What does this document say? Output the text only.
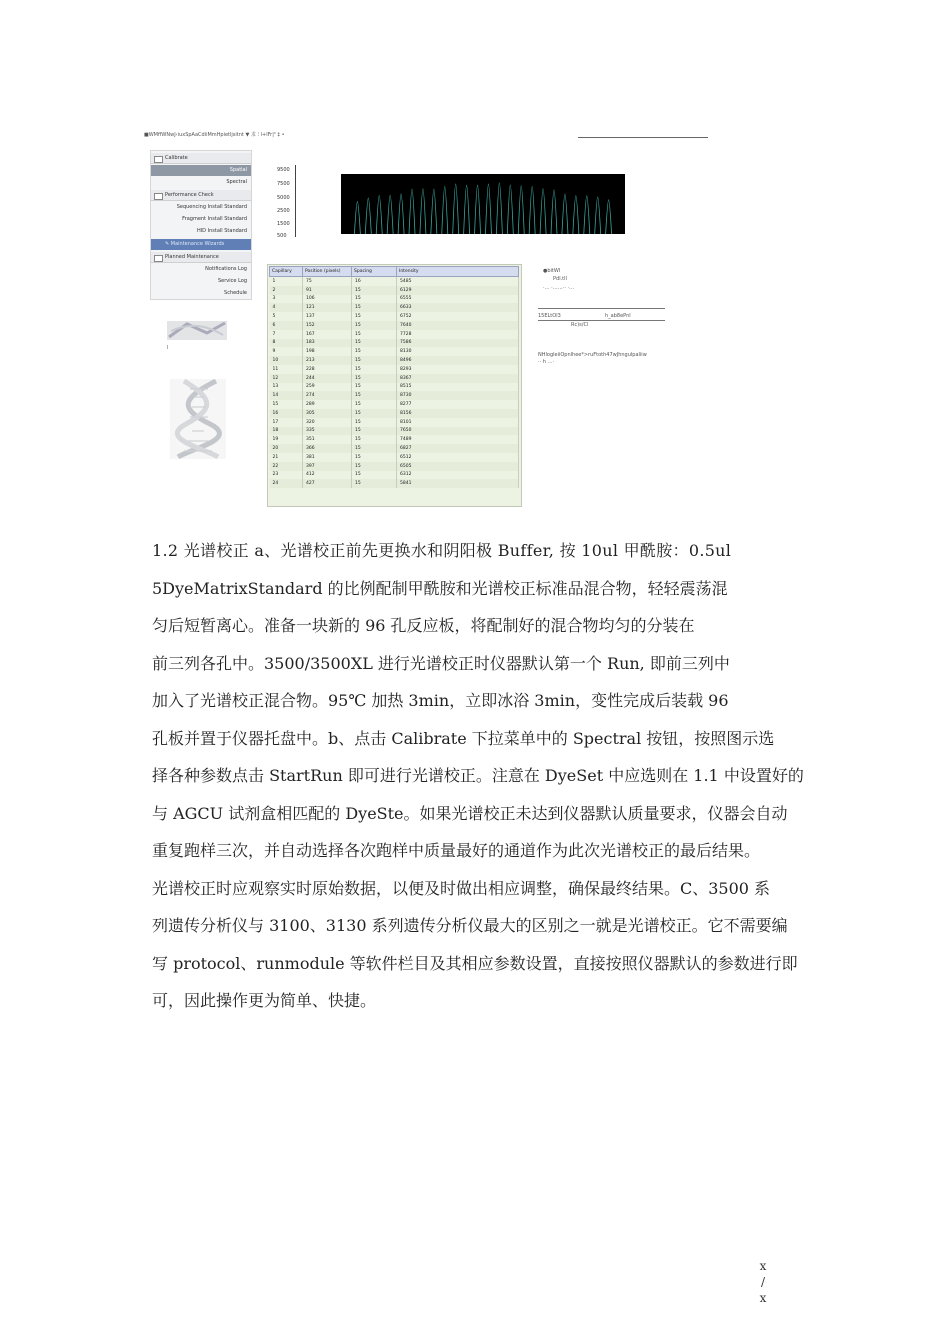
■WMffWNwJ‹iuxSpAaCdiiMmHpietljsitnt ▼ 朮 ⁝ l+lFr|ʰ ‡ •
Calibrate
Spatial
Spectral
Performance Check
Sequencing Install Standard
Fragment Install Standard
HID Install Standard
✎ Maintenance Wizards
Planned Maintenance
Notifications Log
Service Log
Schedule
9500
7500
5000
2500
1500
500
Capillary	Position (pixels)	Spacing	Intensity
1	75	16	5485
2	91	15	6129
3	106	15	6555
4	121	15	6633
5	137	15	6752
6	152	15	7640
7	167	15	7728
8	183	15	7586
9	198	15	8130
10	213	15	8496
11	228	15	8293
12	244	15	8367
13	259	15	8515
14	274	15	8730
15	289	15	8277
16	305	15	8156
17	320	15	8101
18	335	15	7650
19	351	15	7489
20	366	15	6827
21	381	15	6512
22	397	15	6505
23	412	15	6312
24	427	15	5841
●bitWI
Pdl.tll
·… ·……·· ·…
15ELtOl3	h_ab8ePnl
Rc)s/Cl
NHlogleiiOpnlhee*>ruFtoth47wJhngulpaliiw
·· h …·
l
1.2 光谱校正 a、光谱校正前先更换水和阴阳极 Buffer, 按 10ul 甲酰胺：0.5ul
5DyeMatrixStandard 的比例配制甲酰胺和光谱校正标准品混合物，轻轻震荡混
匀后短暂离心。准备一块新的 96 孔反应板，将配制好的混合物均匀的分装在
前三列各孔中。3500/3500XL 进行光谱校正时仪器默认第一个 Run, 即前三列中
加入了光谱校正混合物。95℃ 加热 3min，立即冰浴 3min，变性完成后装载 96
孔板并置于仪器托盘中。b、点击 Calibrate 下拉菜单中的 Spectral 按钮，按照图示选
择各种参数点击 StartRun 即可进行光谱校正。注意在 DyeSet 中应选则在 1.1 中设置好的
与 AGCU 试剂盒相匹配的 DyeSte。如果光谱校正未达到仪器默认质量要求，仪器会自动
重复跑样三次，并自动选择各次跑样中质量最好的通道作为此次光谱校正的最后结果。
光谱校正时应观察实时原始数据，以便及时做出相应调整，确保最终结果。C、3500 系
列遗传分析仪与 3100、3130 系列遗传分析仪最大的区别之一就是光谱校正。它不需要编
写 protocol、runmodule 等软件栏目及其相应参数设置，直接按照仪器默认的参数进行即
可，因此操作更为简单、快捷。
x
/
x
